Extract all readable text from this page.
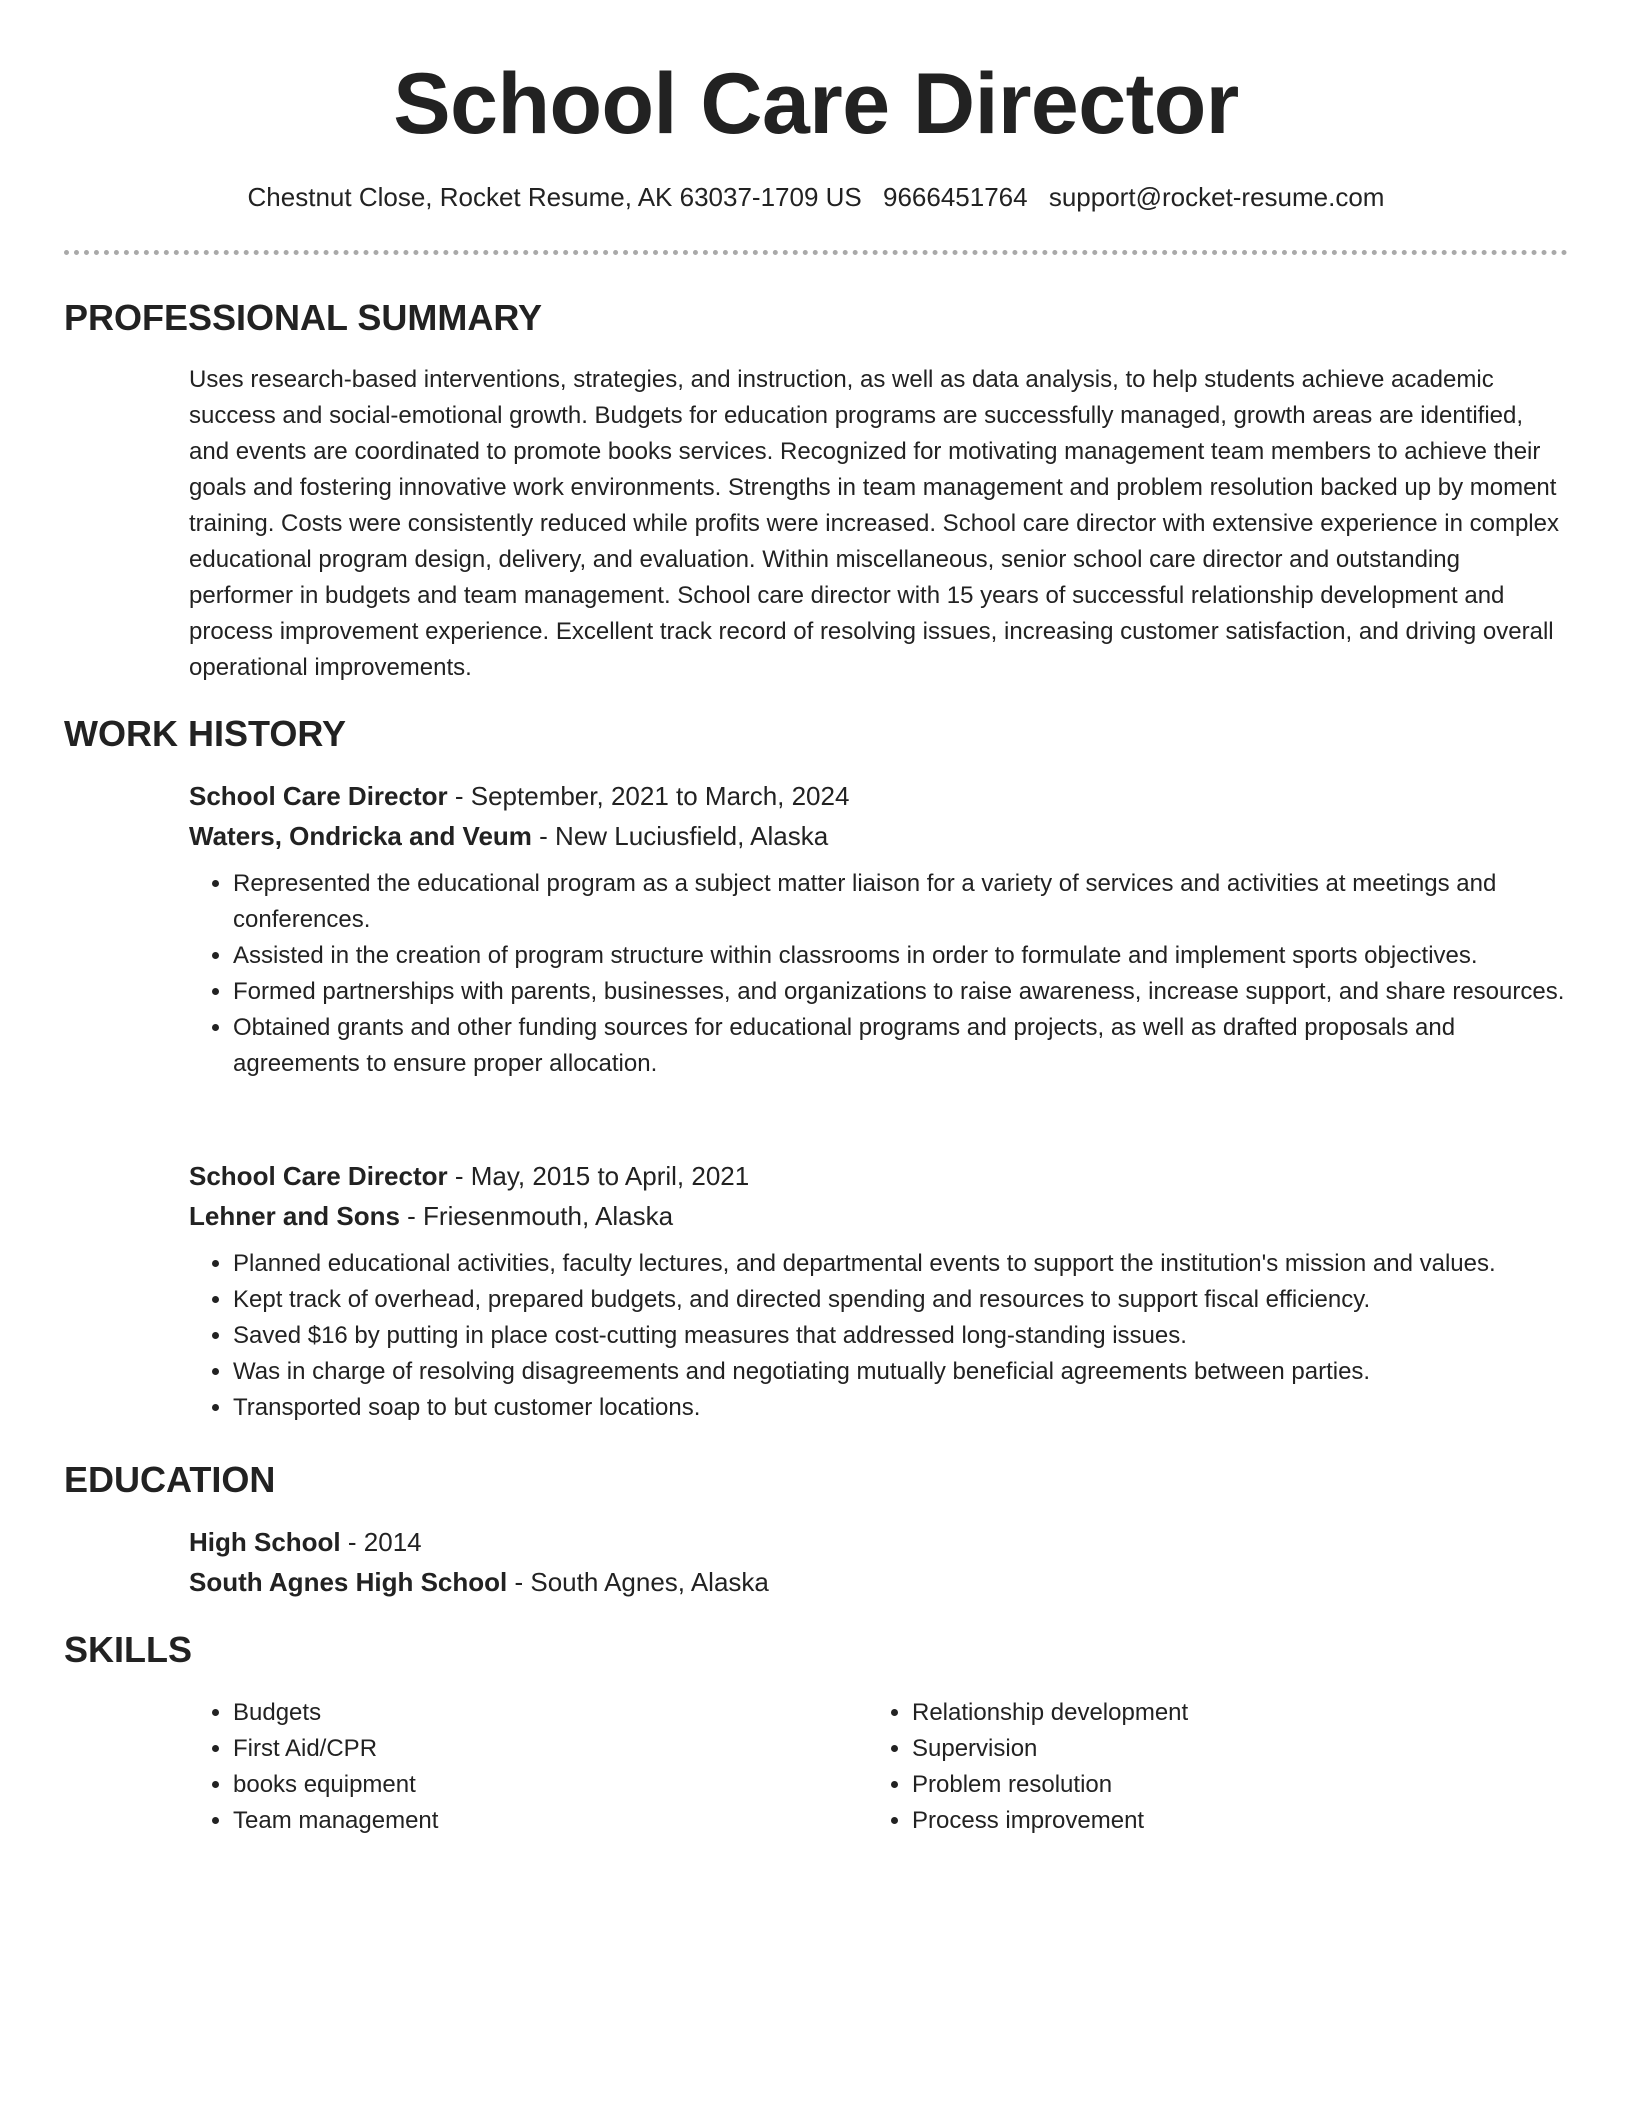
School Care Director
Chestnut Close, Rocket Resume, AK 63037-1709 US 9666451764 support@rocket-resume.com
PROFESSIONAL SUMMARY

Uses research-based interventions, strategies, and instruction, as well as data analysis, to help students achieve academic success and social-emotional growth. Budgets for education programs are successfully managed, growth areas are identified, and events are coordinated to promote books services. Recognized for motivating management team members to achieve their goals and fostering innovative work environments. Strengths in team management and problem resolution backed up by moment training. Costs were consistently reduced while profits were increased. School care director with extensive experience in complex educational program design, delivery, and evaluation. Within miscellaneous, senior school care director and outstanding performer in budgets and team management. School care director with 15 years of successful relationship development and process improvement experience. Excellent track record of resolving issues, increasing customer satisfaction, and driving overall operational improvements.

WORK HISTORY

School Care Director - September, 2021 to March, 2024

Waters, Ondricka and Veum - New Luciusfield, Alaska

• Represented the educational program as a subject matter liaison for a variety of services and activities at meetings and conferences.
• Assisted in the creation of program structure within classrooms in order to formulate and implement sports objectives.
• Formed partnerships with parents, businesses, and organizations to raise awareness, increase support, and share resources.
• Obtained grants and other funding sources for educational programs and projects, as well as drafted proposals and agreements to ensure proper allocation.

School Care Director - May, 2015 to April, 2021

Lehner and Sons - Friesenmouth, Alaska

• Planned educational activities, faculty lectures, and departmental events to support the institution's mission and values.
• Kept track of overhead, prepared budgets, and directed spending and resources to support fiscal efficiency.
• Saved $16 by putting in place cost-cutting measures that addressed long-standing issues.
• Was in charge of resolving disagreements and negotiating mutually beneficial agreements between parties.
• Transported soap to but customer locations.
EDUCATION

High School - 2014

South Agnes High School - South Agnes, Alaska

SKILLS
• Budgets
• First Aid/CPR
• books equipment
• Team management
• Relationship development
• Supervision
• Problem resolution
• Process improvement
